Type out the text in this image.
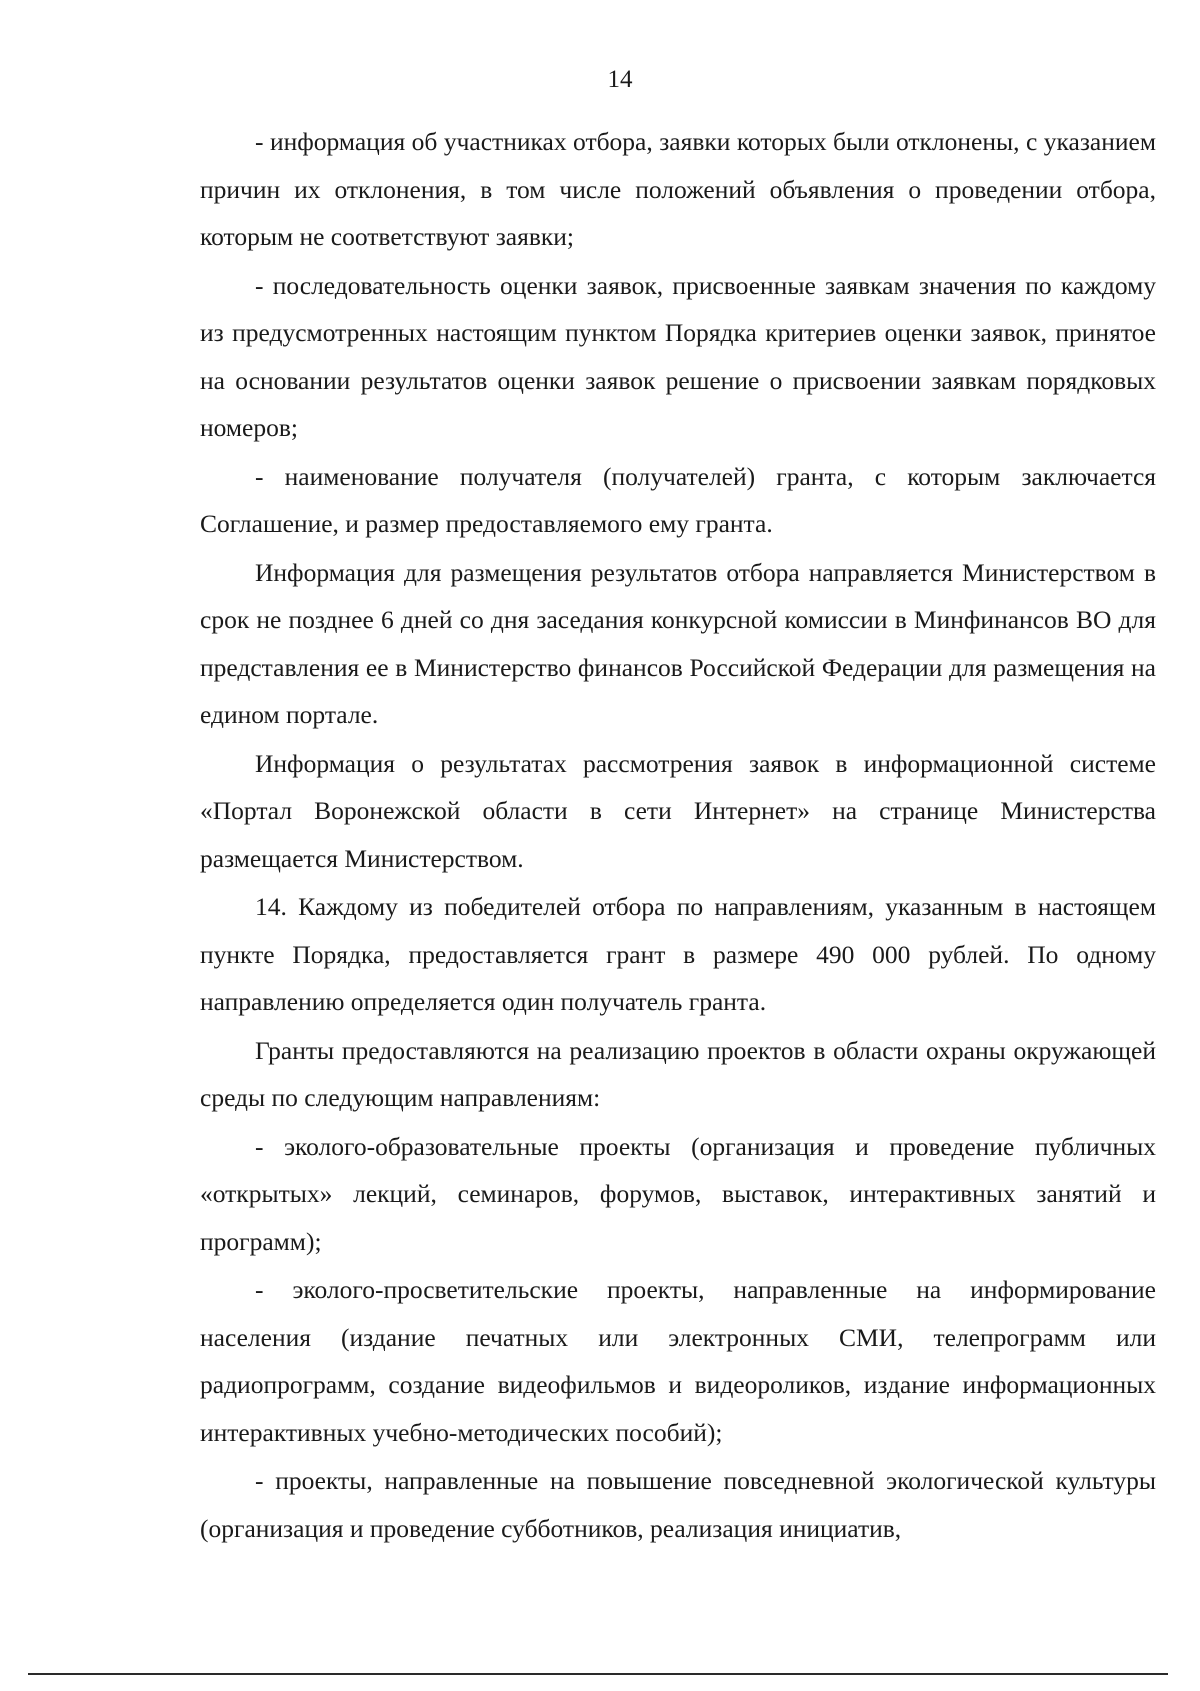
14

- информация об участниках отбора, заявки которых были отклонены, с указанием причин их отклонения, в том числе положений объявления о проведении отбора, которым не соответствуют заявки;

- последовательность оценки заявок, присвоенные заявкам значения по каждому из предусмотренных настоящим пунктом Порядка критериев оценки заявок, принятое на основании результатов оценки заявок решение о присвоении заявкам порядковых номеров;

- наименование получателя (получателей) гранта, с которым заключается Соглашение, и размер предоставляемого ему гранта.

Информация для размещения результатов отбора направляется Министерством в срок не позднее 6 дней со дня заседания конкурсной комиссии в Минфинансов ВО для представления ее в Министерство финансов Российской Федерации для размещения на едином портале.

Информация о результатах рассмотрения заявок в информационной системе «Портал Воронежской области в сети Интернет» на странице Министерства размещается Министерством.

14. Каждому из победителей отбора по направлениям, указанным в настоящем пункте Порядка, предоставляется грант в размере 490 000 рублей. По одному направлению определяется один получатель гранта.

Гранты предоставляются на реализацию проектов в области охраны окружающей среды по следующим направлениям:

- эколого-образовательные проекты (организация и проведение публичных «открытых» лекций, семинаров, форумов, выставок, интерактивных занятий и программ);

- эколого-просветительские проекты, направленные на информирование населения (издание печатных или электронных СМИ, телепрограмм или радиопрограмм, создание видеофильмов и видеороликов, издание информационных интерактивных учебно-методических пособий);

- проекты, направленные на повышение повседневной экологической культуры (организация и проведение субботников, реализация инициатив,
